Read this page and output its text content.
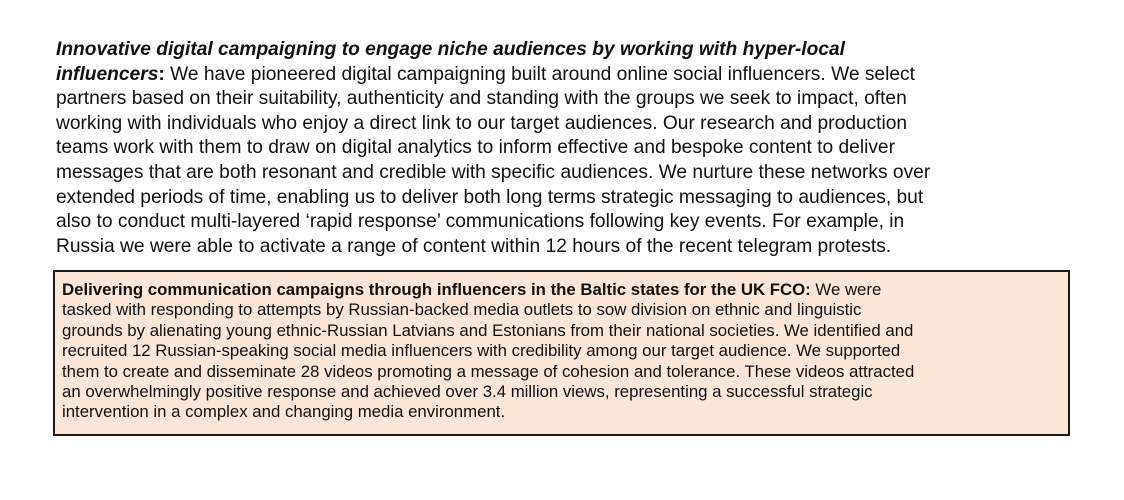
Innovative digital campaigning to engage niche audiences by working with hyper-local
influencers: We have pioneered digital campaigning built around online social influencers. We select
partners based on their suitability, authenticity and standing with the groups we seek to impact, often
working with individuals who enjoy a direct link to our target audiences. Our research and production
teams work with them to draw on digital analytics to inform effective and bespoke content to deliver
messages that are both resonant and credible with specific audiences. We nurture these networks over
extended periods of time, enabling us to deliver both long terms strategic messaging to audiences, but
also to conduct multi-layered ‘rapid response’ communications following key events. For example, in
Russia we were able to activate a range of content within 12 hours of the recent telegram protests.

Delivering communication campaigns through influencers in the Baltic states for the UK FCO: We were
tasked with responding to attempts by Russian-backed media outlets to sow division on ethnic and linguistic
grounds by alienating young ethnic-Russian Latvians and Estonians from their national societies. We identified and
recruited 12 Russian-speaking social media influencers with credibility among our target audience. We supported
them to create and disseminate 28 videos promoting a message of cohesion and tolerance. These videos attracted
an overwhelmingly positive response and achieved over 3.4 million views, representing a successful strategic
intervention in a complex and changing media environment.
